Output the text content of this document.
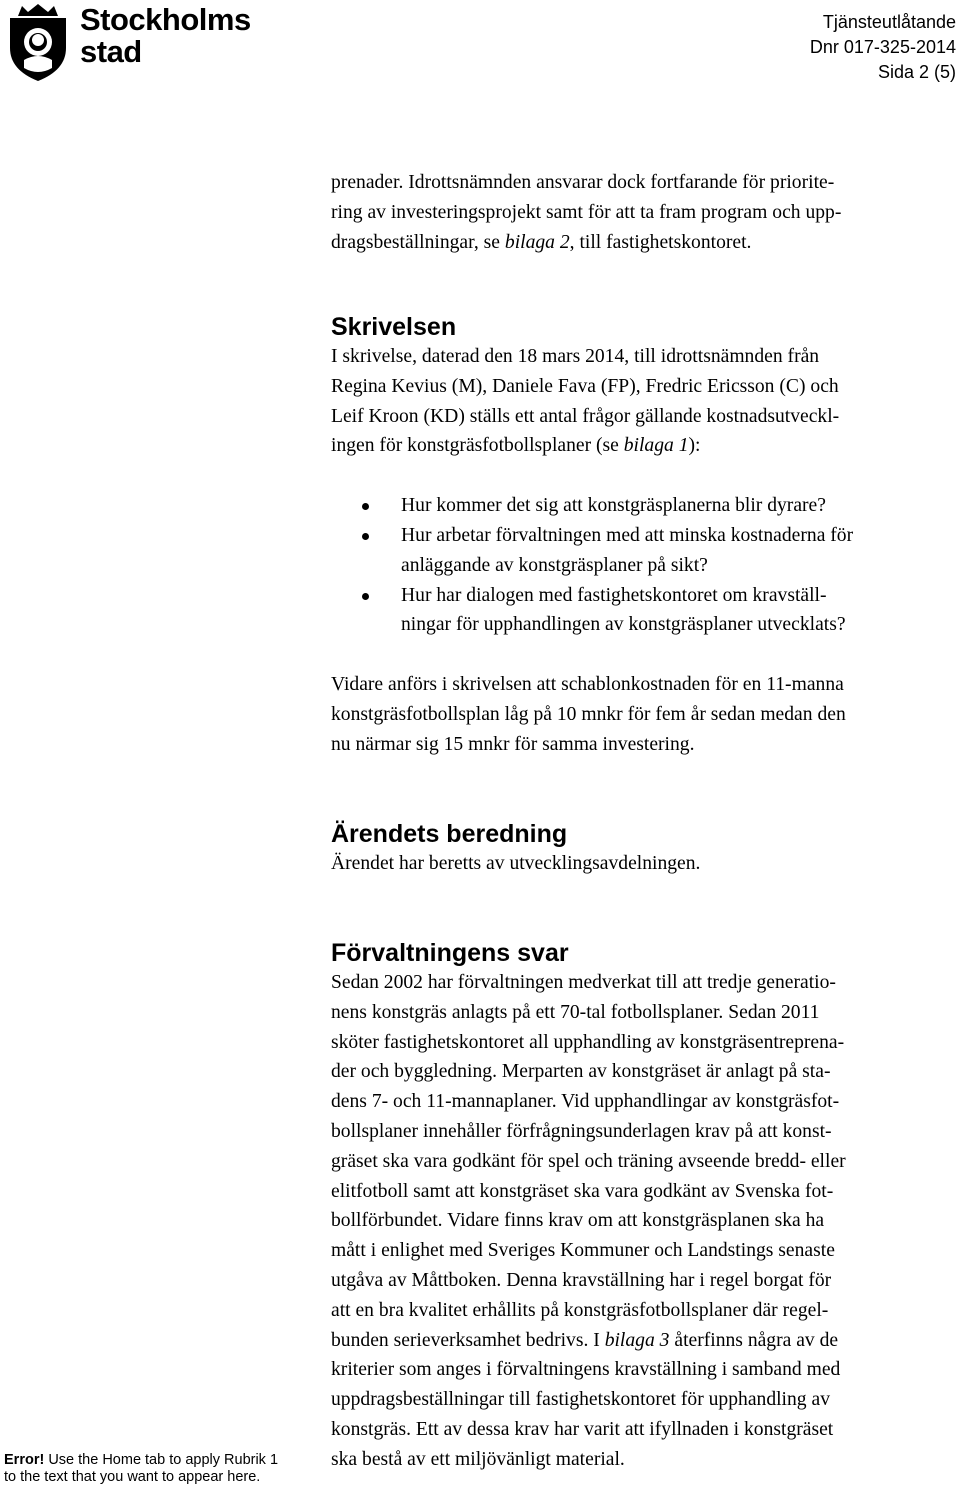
Stockholms
stad
Tjänsteutlåtande
Dnr 017-325-2014
Sida 2 (5)

prenader. Idrottsnämnden ansvarar dock fortfarande för priorite-

ring av investeringsprojekt samt för att ta fram program och upp-

dragsbeställningar, se bilaga 2, till fastighetskontoret.

Skrivelsen

I skrivelse, daterad den 18 mars 2014, till idrottsnämnden från

Regina Kevius (M), Daniele Fava (FP), Fredric Ericsson (C) och

Leif Kroon (KD) ställs ett antal frågor gällande kostnadsutveckl-

ingen för konstgräsfotbollsplaner (se bilaga 1):

Hur kommer det sig att konstgräsplanerna blir dyrare?

Hur arbetar förvaltningen med att minska kostnaderna för

anläggande av konstgräsplaner på sikt?

Hur har dialogen med fastighetskontoret om kravställ-

ningar för upphandlingen av konstgräsplaner utvecklats?

Vidare anförs i skrivelsen att schablonkostnaden för en 11-manna

konstgräsfotbollsplan låg på 10 mnkr för fem år sedan medan den

nu närmar sig 15 mnkr för samma investering.

Ärendets beredning

Ärendet har beretts av utvecklingsavdelningen.

Förvaltningens svar

Sedan 2002 har förvaltningen medverkat till att tredje generatio-

nens konstgräs anlagts på ett 70-tal fotbollsplaner. Sedan 2011

sköter fastighetskontoret all upphandling av konstgräsentreprena-

der och byggledning. Merparten av konstgräset är anlagt på sta-

dens 7- och 11-mannaplaner. Vid upphandlingar av konstgräsfot-

bollsplaner innehåller förfrågningsunderlagen krav på att konst-

gräset ska vara godkänt för spel och träning avseende bredd- eller

elitfotboll samt att konstgräset ska vara godkänt av Svenska fot-

bollförbundet. Vidare finns krav om att konstgräsplanen ska ha

mått i enlighet med Sveriges Kommuner och Landstings senaste

utgåva av Måttboken. Denna kravställning har i regel borgat för

att en bra kvalitet erhållits på konstgräsfotbollsplaner där regel-

bunden serieverksamhet bedrivs. I bilaga 3 återfinns några av de

kriterier som anges i förvaltningens kravställning i samband med

uppdragsbeställningar till fastighetskontoret för upphandling av

konstgräs. Ett av dessa krav har varit att ifyllnaden i konstgräset

ska bestå av ett miljövänligt material.

Error! Use the Home tab to apply Rubrik 1
to the text that you want to appear here.
